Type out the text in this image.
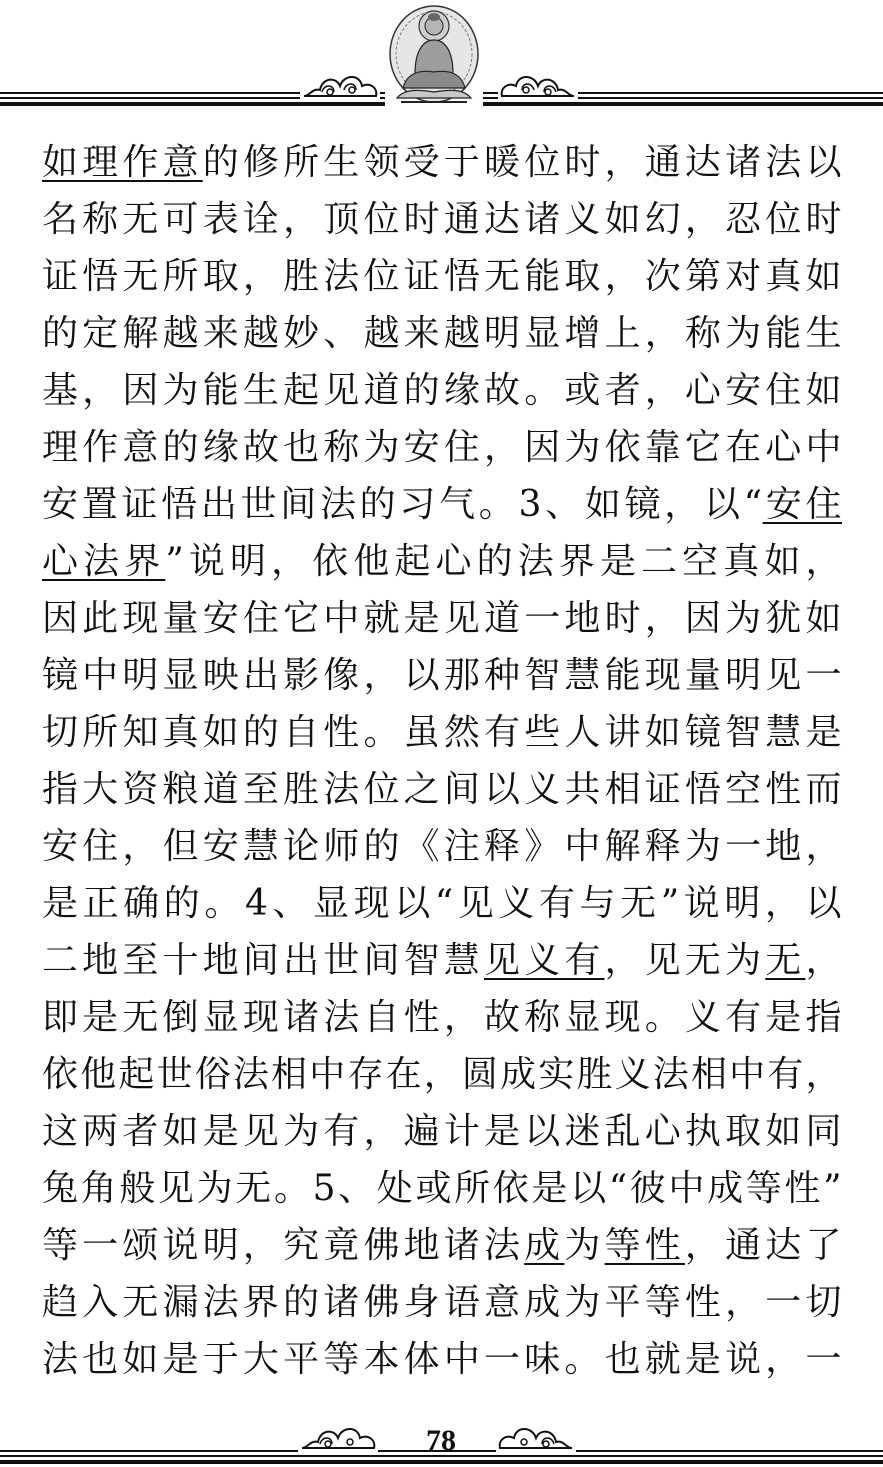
如理作意的修所生领受于暖位时，通达诸法以
名称无可表诠，顶位时通达诸义如幻，忍位时
证悟无所取，胜法位证悟无能取，次第对真如
的定解越来越妙、越来越明显增上，称为能生
基，因为能生起见道的缘故。或者，心安住如
理作意的缘故也称为安住，因为依靠它在心中
安置证悟出世间法的习气。3、如镜，以“安住
心法界”说明，依他起心的法界是二空真如，
因此现量安住它中就是见道一地时，因为犹如
镜中明显映出影像，以那种智慧能现量明见一
切所知真如的自性。虽然有些人讲如镜智慧是
指大资粮道至胜法位之间以义共相证悟空性而
安住，但安慧论师的《注释》中解释为一地，
是正确的。4、显现以“见义有与无”说明，以
二地至十地间出世间智慧见义有，见无为无，
即是无倒显现诸法自性，故称显现。义有是指
依他起世俗法相中存在，圆成实胜义法相中有，
这两者如是见为有，遍计是以迷乱心执取如同
兔角般见为无。5、处或所依是以“彼中成等性”
等一颂说明，究竟佛地诸法成为等性，通达了
趋入无漏法界的诸佛身语意成为平等性，一切
法也如是于大平等本体中一味。也就是说，一
78
